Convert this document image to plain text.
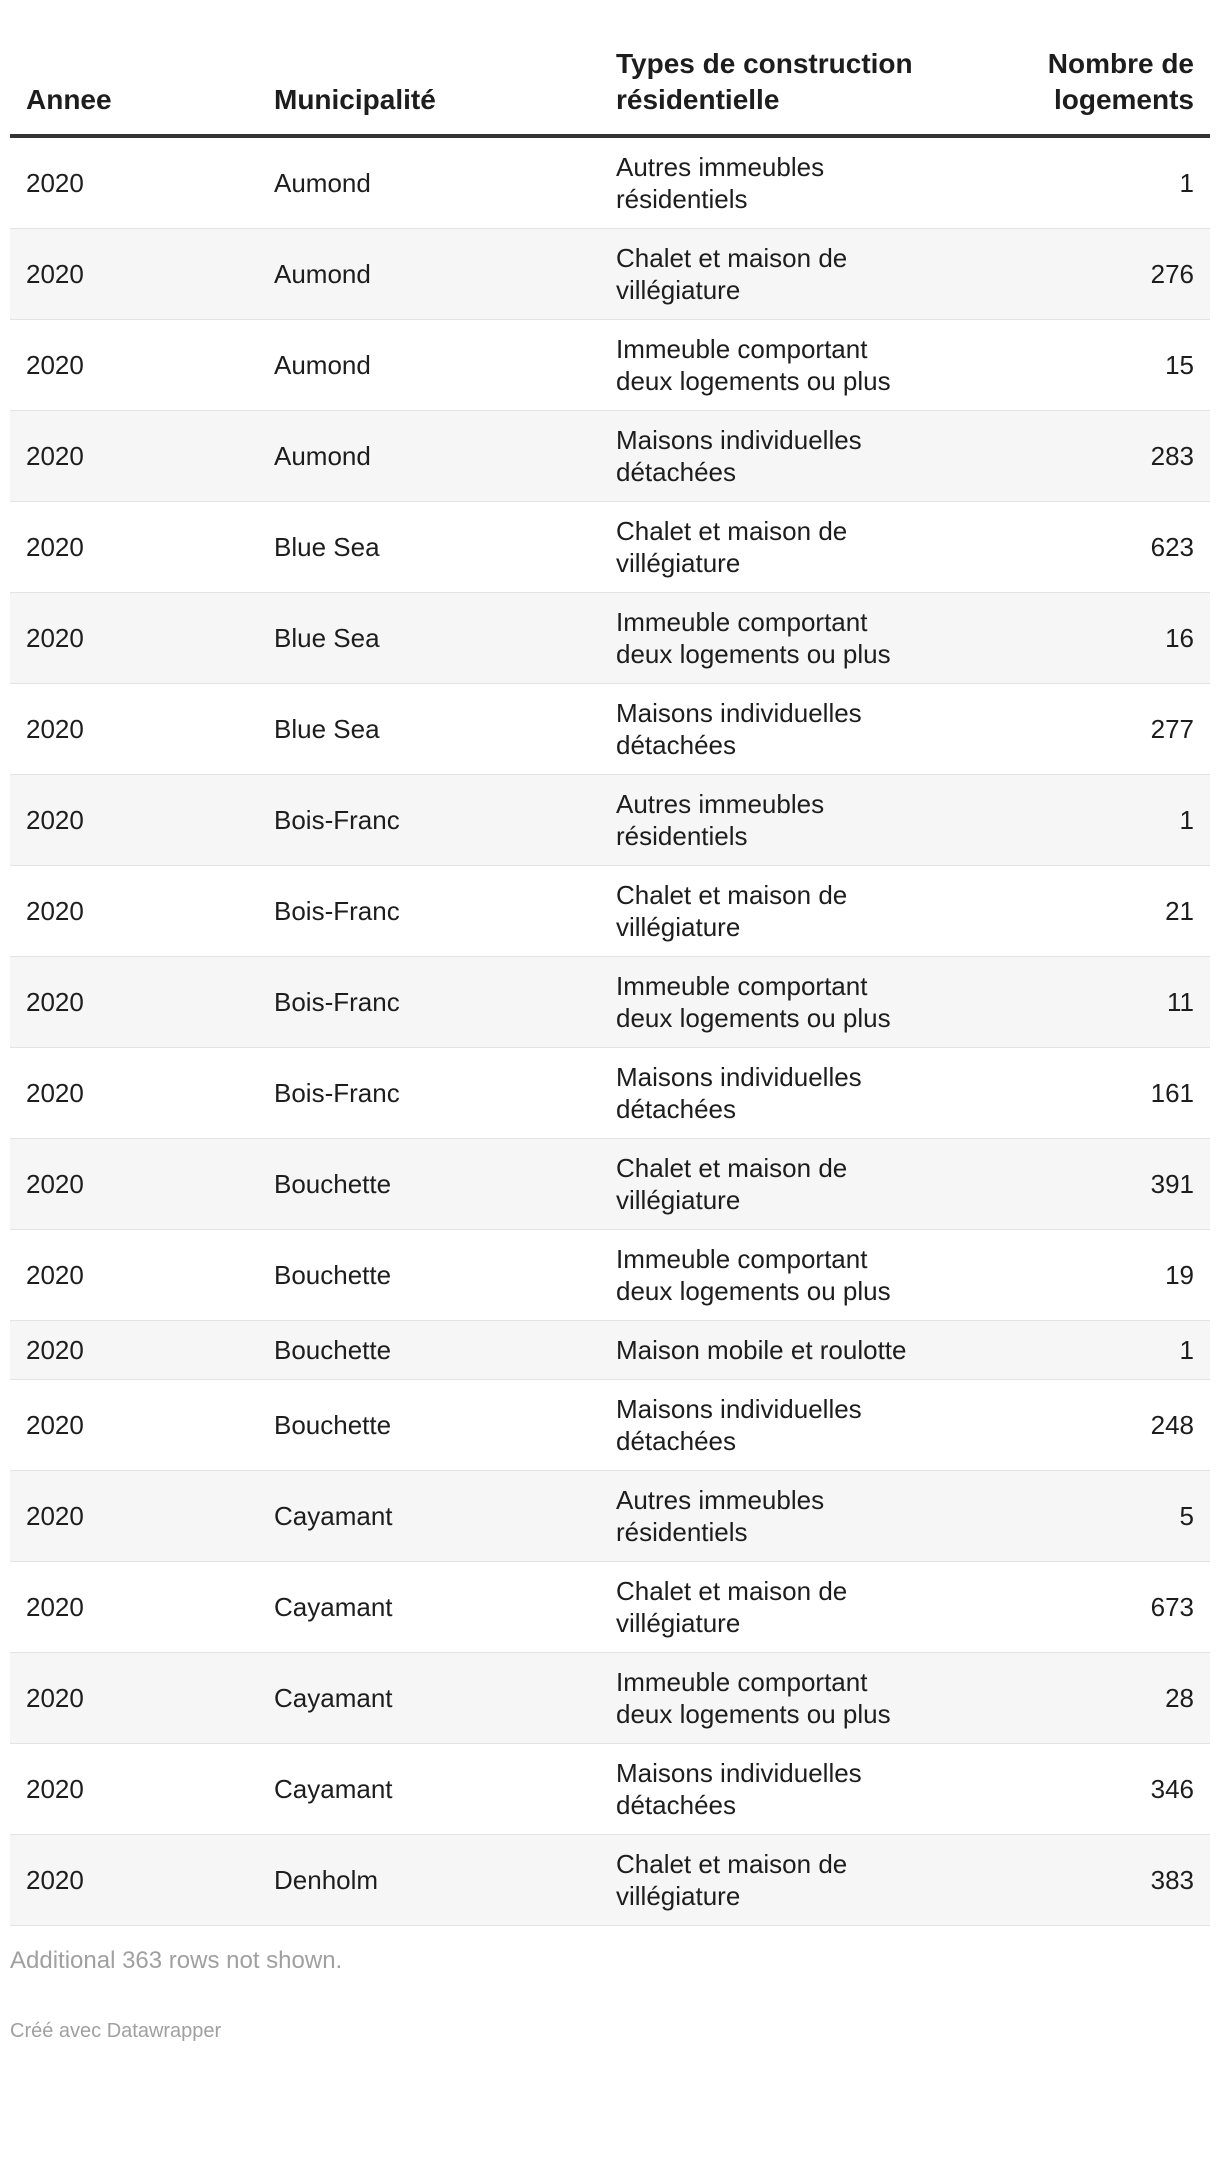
Annee	Municipalité	Types de construction résidentielle	Nombre de logements
2020	Aumond	Autres immeubles résidentiels	1
2020	Aumond	Chalet et maison de villégiature	276
2020	Aumond	Immeuble comportant deux logements ou plus	15
2020	Aumond	Maisons individuelles détachées	283
2020	Blue Sea	Chalet et maison de villégiature	623
2020	Blue Sea	Immeuble comportant deux logements ou plus	16
2020	Blue Sea	Maisons individuelles détachées	277
2020	Bois-Franc	Autres immeubles résidentiels	1
2020	Bois-Franc	Chalet et maison de villégiature	21
2020	Bois-Franc	Immeuble comportant deux logements ou plus	11
2020	Bois-Franc	Maisons individuelles détachées	161
2020	Bouchette	Chalet et maison de villégiature	391
2020	Bouchette	Immeuble comportant deux logements ou plus	19
2020	Bouchette	Maison mobile et roulotte	1
2020	Bouchette	Maisons individuelles détachées	248
2020	Cayamant	Autres immeubles résidentiels	5
2020	Cayamant	Chalet et maison de villégiature	673
2020	Cayamant	Immeuble comportant deux logements ou plus	28
2020	Cayamant	Maisons individuelles détachées	346
2020	Denholm	Chalet et maison de villégiature	383
Additional 363 rows not shown.
Créé avec Datawrapper
